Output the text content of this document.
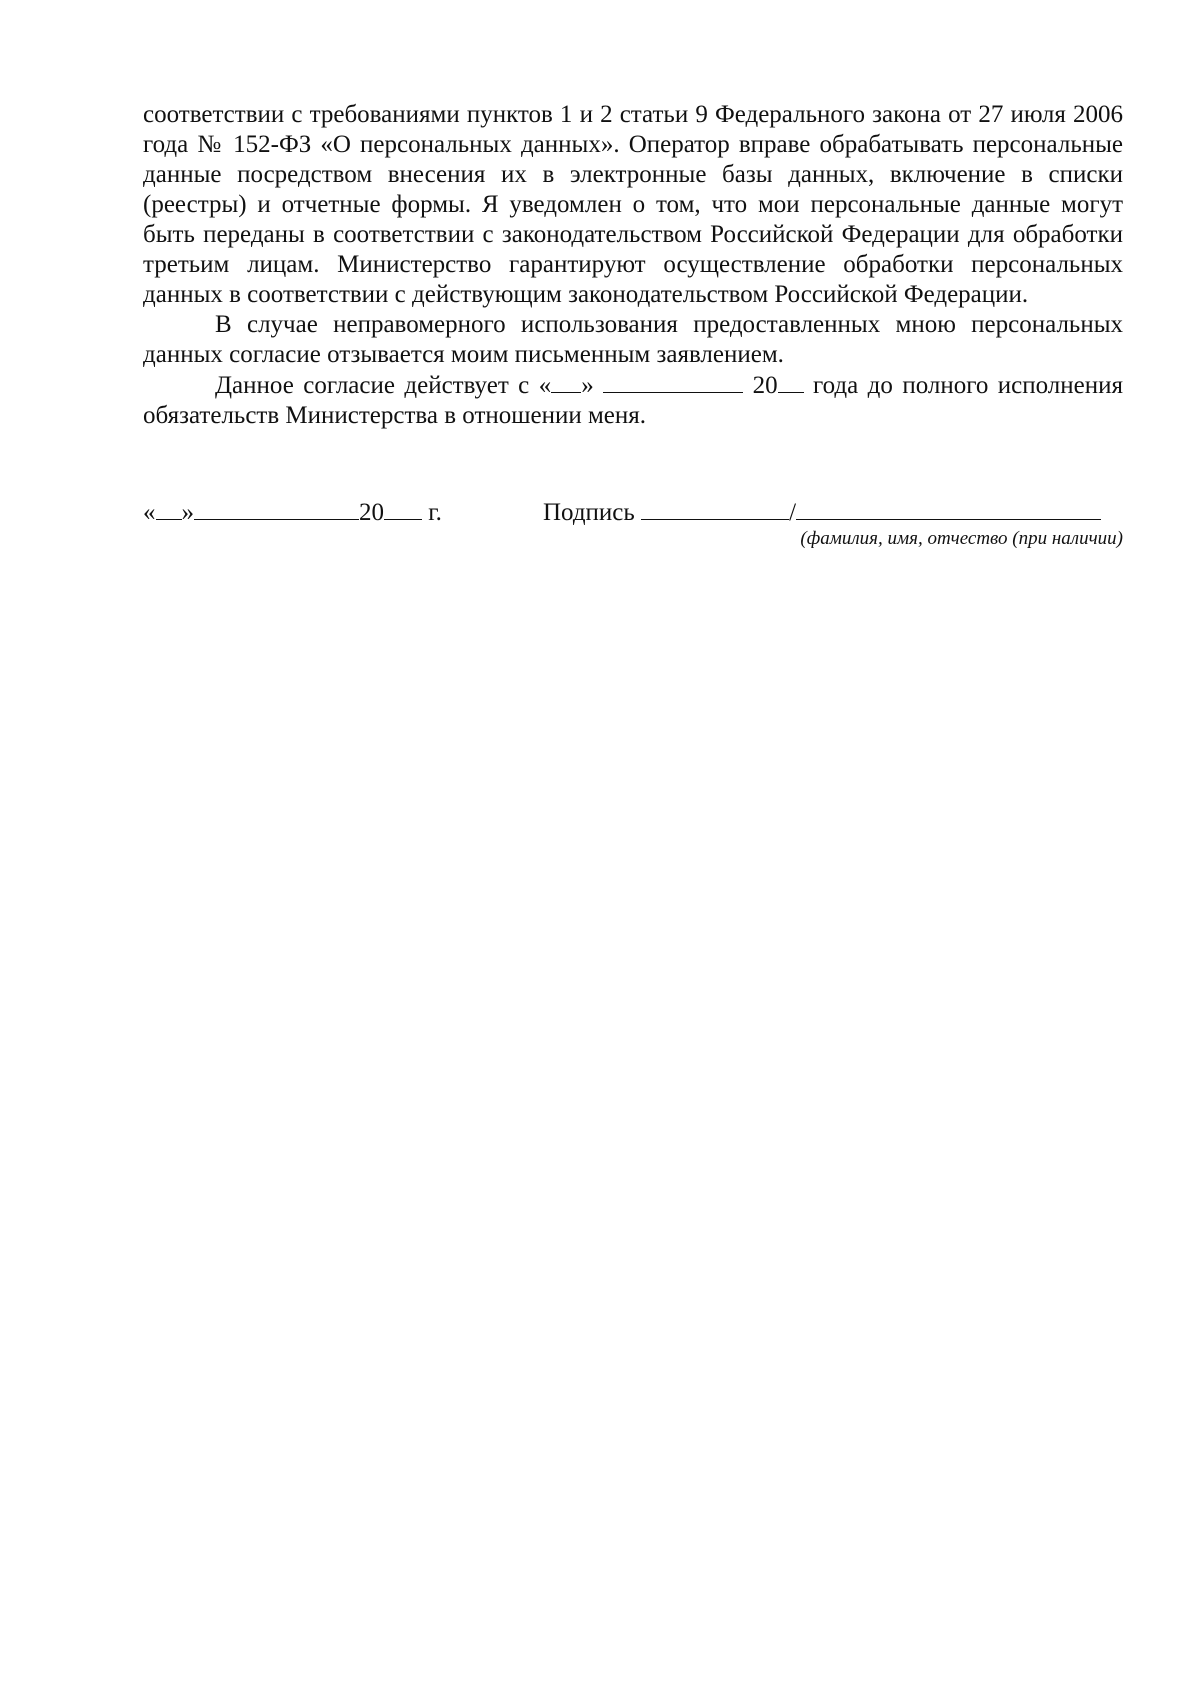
соответствии с требованиями пунктов 1 и 2 статьи 9 Федерального закона от 27 июля 2006 года № 152-ФЗ «О персональных данных». Оператор вправе обрабатывать персональные данные посредством внесения их в электронные базы данных, включение в списки (реестры) и отчетные формы. Я уведомлен о том, что мои персональные данные могут быть переданы в соответствии с законодательством Российской Федерации для обработки третьим лицам. Министерство гарантируют осуществление обработки персональных данных в соответствии с действующим законодательством Российской Федерации.

В случае неправомерного использования предоставленных мною персональных данных согласие отзывается моим письменным заявлением.

Данное согласие действует с « »	20 года до полного исполнения обязательств Министерства в отношении меня.

« »	20 г.	Подпись	/
(фамилия, имя, отчество (при наличии)
